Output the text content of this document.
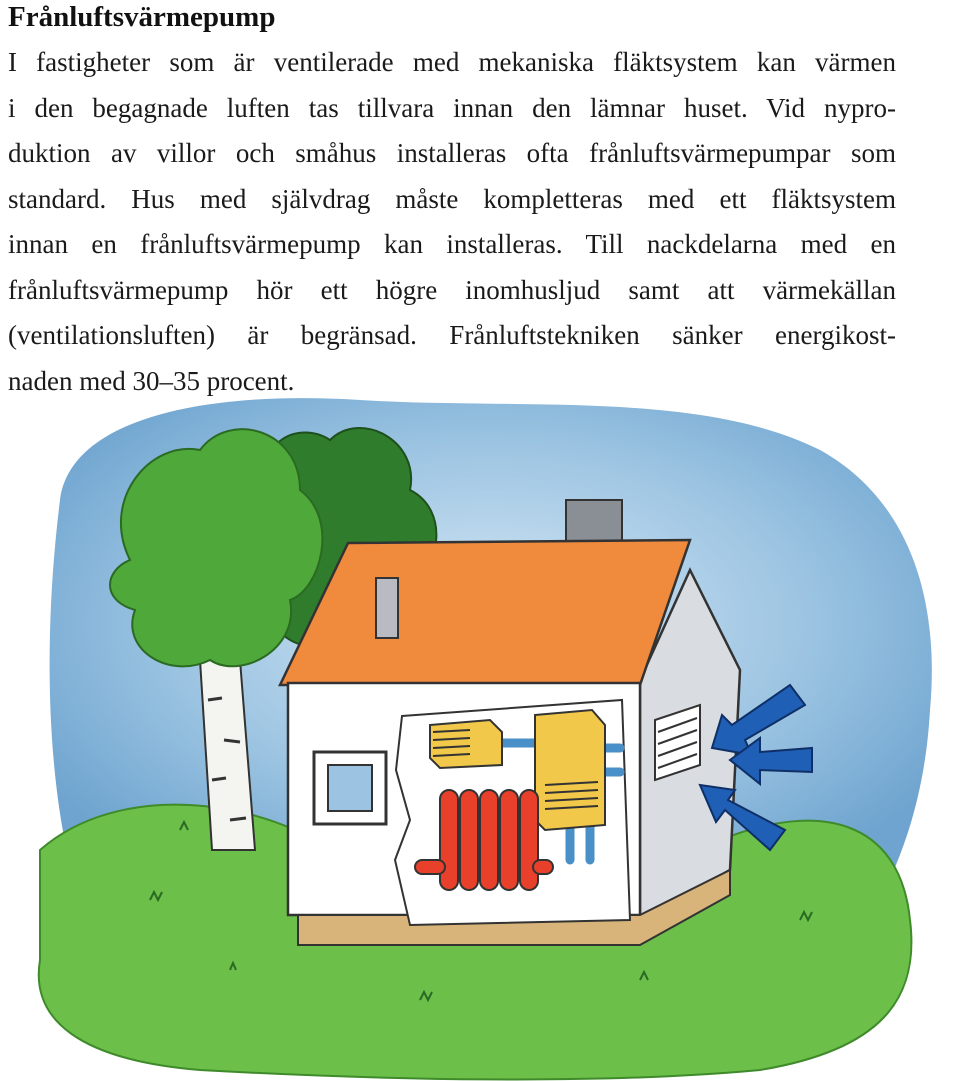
Frånluftsvärmepump
I fastigheter som är ventilerade med mekaniska fläktsystem kan värmen
i den begagnade luften tas tillvara innan den lämnar huset. Vid nypro-
duktion av villor och småhus installeras ofta frånluftsvärmepumpar som
standard. Hus med självdrag måste kompletteras med ett fläktsystem
innan en frånluftsvärmepump kan installeras. Till nackdelarna med en
frånluftsvärmepump hör ett högre inomhusljud samt att värmekällan
(ventilationsluften) är begränsad. Frånluftstekniken sänker energikost-
naden med 30–35 procent.
